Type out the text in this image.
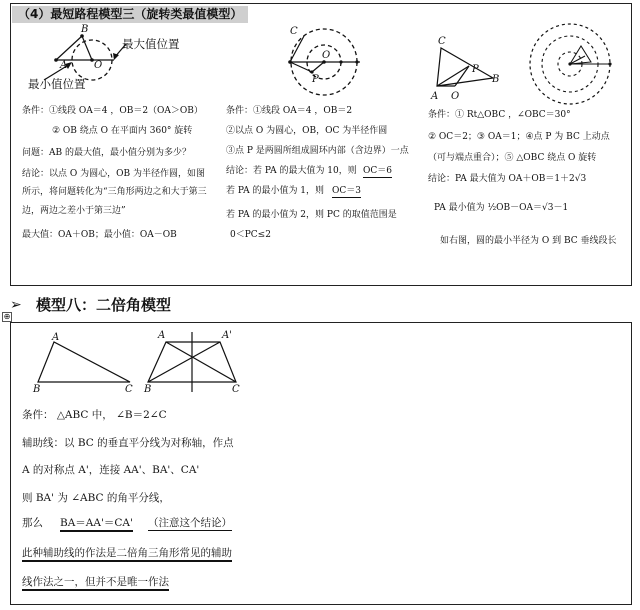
（4）最短路程模型三（旋转类最值模型）
B
A	O
最大值位置
最小值位置
C
P
O
C
P
B
A O
条件：①线段 OA＝4 ，OB＝2（OA＞OB）
② OB 绕点 O 在平面内 360° 旋转
问题：AB 的最大值，最小值分别为多少？
结论：以点 O 为圆心，OB 为半径作圆，如图
所示，将问题转化为“三角形两边之和大于第三
边，两边之差小于第三边”
最大值：OA＋OB；最小值：OA－OB
条件：①线段 OA＝4 ，OB＝2
②以点 O 为圆心，OB，OC 为半径作圆
③点 P 是两圆所组成圆环内部（含边界）一点
结论：若 PA 的最大值为 10，则 OC＝6
若 PA 的最小值为 1，则 OC＝3
若 PA 的最小值为 2，则 PC 的取值范围是
0＜PC≤2
条件：① Rt△OBC ，∠OBC＝30°
② OC＝2；③ OA＝1；④点 P 为 BC 上动点
（可与端点重合）；⑤ △OBC 绕点 O 旋转
结论：PA 最大值为 OA＋OB＝1＋2√3
PA 最小值为 ½OB－OA＝√3－1
如右图，圆的最小半径为 O 到 BC 垂线段长
➢ 模型八：二倍角模型
⊕
A
B	C
A	A'
B	C
条件： △ABC 中， ∠B＝2∠C
辅助线：以 BC 的垂直平分线为对称轴，作点
A 的对称点 A'，连接 AA'、BA'、CA'
则 BA' 为 ∠ABC 的角平分线，
那么 BA＝AA'＝CA' （注意这个结论）
此种辅助线的作法是二倍角三角形常见的辅助
线作法之一，但并不是唯一作法
